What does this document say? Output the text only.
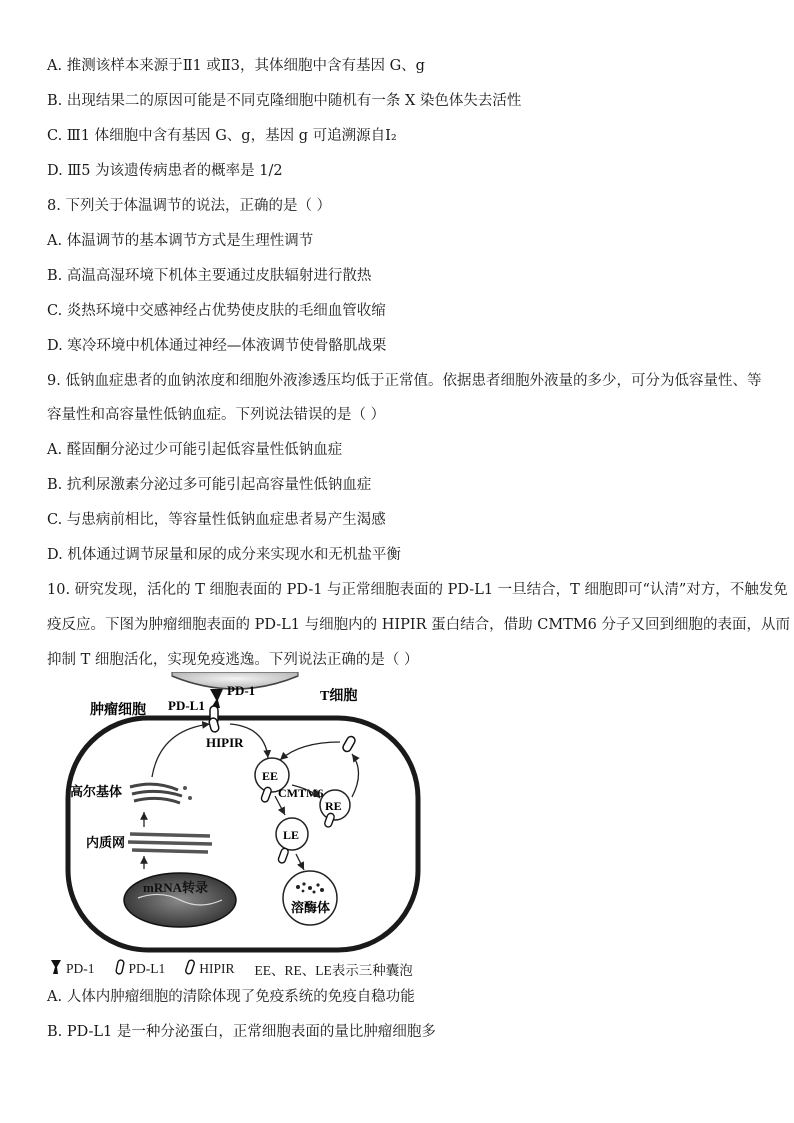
A. 推测该样本来源于Ⅱ1 或Ⅱ3，其体细胞中含有基因 G、g
B. 出现结果二的原因可能是不同克隆细胞中随机有一条 X 染色体失去活性
C. Ⅲ1 体细胞中含有基因 G、g，基因 g 可追溯源自Ⅰ₂
D. Ⅲ5 为该遗传病患者的概率是 1/2
8. 下列关于体温调节的说法，正确的是（ ）
A. 体温调节的基本调节方式是生理性调节
B. 高温高湿环境下机体主要通过皮肤辐射进行散热
C. 炎热环境中交感神经占优势使皮肤的毛细血管收缩
D. 寒冷环境中机体通过神经—体液调节使骨骼肌战栗
9. 低钠血症患者的血钠浓度和细胞外液渗透压均低于正常值。依据患者细胞外液量的多少，可分为低容量性、等
容量性和高容量性低钠血症。下列说法错误的是（ ）
A. 醛固酮分泌过少可能引起低容量性低钠血症
B. 抗利尿激素分泌过多可能引起高容量性低钠血症
C. 与患病前相比，等容量性低钠血症患者易产生渴感
D. 机体通过调节尿量和尿的成分来实现水和无机盐平衡
10. 研究发现，活化的 T 细胞表面的 PD-1 与正常细胞表面的 PD-L1 一旦结合，T 细胞即可“认清”对方，不触发免
疫反应。下图为肿瘤细胞表面的 PD-L1 与细胞内的 HIPIR 蛋白结合，借助 CMTM6 分子又回到细胞的表面，从而
抑制 T 细胞活化，实现免疫逃逸。下列说法正确的是（ ）
PD-1	T细胞
PD-L1
肿瘤细胞
HIPIR
EE
CMTM6
RE
LE
溶酶体
高尔基体
内质网
mRNA转录
PD-1	PD-L1	HIPIR EE、RE、LE表示三种囊泡
A. 人体内肿瘤细胞的清除体现了免疫系统的免疫自稳功能
B. PD-L1 是一种分泌蛋白，正常细胞表面的量比肿瘤细胞多
